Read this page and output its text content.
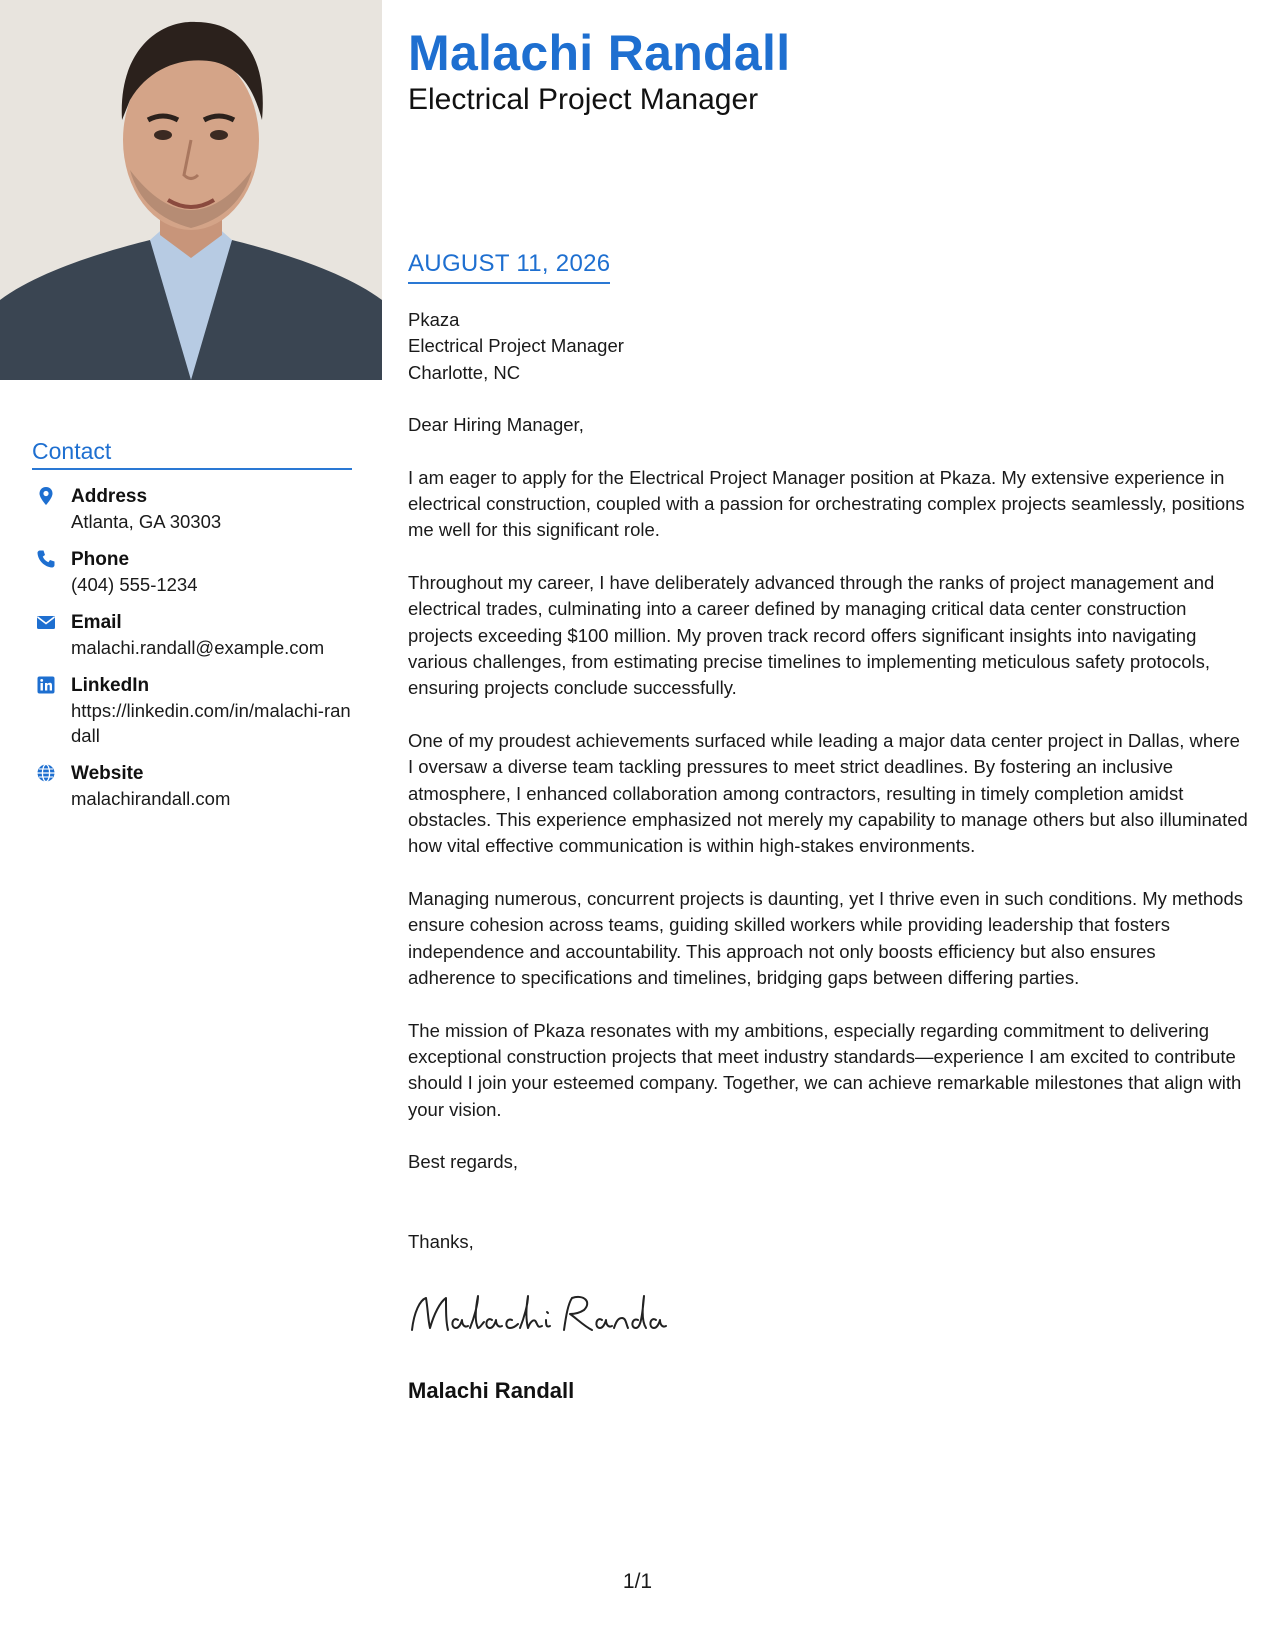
Malachi Randall

Electrical Project Manager

Contact
Address
Atlanta, GA 30303
Phone
(404) 555-1234
Email
malachi.randall@example.com
LinkedIn
https://linkedin.com/in/malachi-randall
Website
malachirandall.com
AUGUST 11, 2026

Pkaza

Electrical Project Manager

Charlotte, NC

Dear Hiring Manager,

I am eager to apply for the Electrical Project Manager position at Pkaza. My extensive experience in electrical construction, coupled with a passion for orchestrating complex projects seamlessly, positions me well for this significant role.

Throughout my career, I have deliberately advanced through the ranks of project management and electrical trades, culminating into a career defined by managing critical data center construction projects exceeding $100 million. My proven track record offers significant insights into navigating various challenges, from estimating precise timelines to implementing meticulous safety protocols, ensuring projects conclude successfully.

One of my proudest achievements surfaced while leading a major data center project in Dallas, where I oversaw a diverse team tackling pressures to meet strict deadlines. By fostering an inclusive atmosphere, I enhanced collaboration among contractors, resulting in timely completion amidst obstacles. This experience emphasized not merely my capability to manage others but also illuminated how vital effective communication is within high-stakes environments.

Managing numerous, concurrent projects is daunting, yet I thrive even in such conditions. My methods ensure cohesion across teams, guiding skilled workers while providing leadership that fosters independence and accountability. This approach not only boosts efficiency but also ensures adherence to specifications and timelines, bridging gaps between differing parties.

The mission of Pkaza resonates with my ambitions, especially regarding commitment to delivering exceptional construction projects that meet industry standards—experience I am excited to contribute should I join your esteemed company. Together, we can achieve remarkable milestones that align with your vision.

Best regards,

Thanks,

Malachi Randall
1/1
